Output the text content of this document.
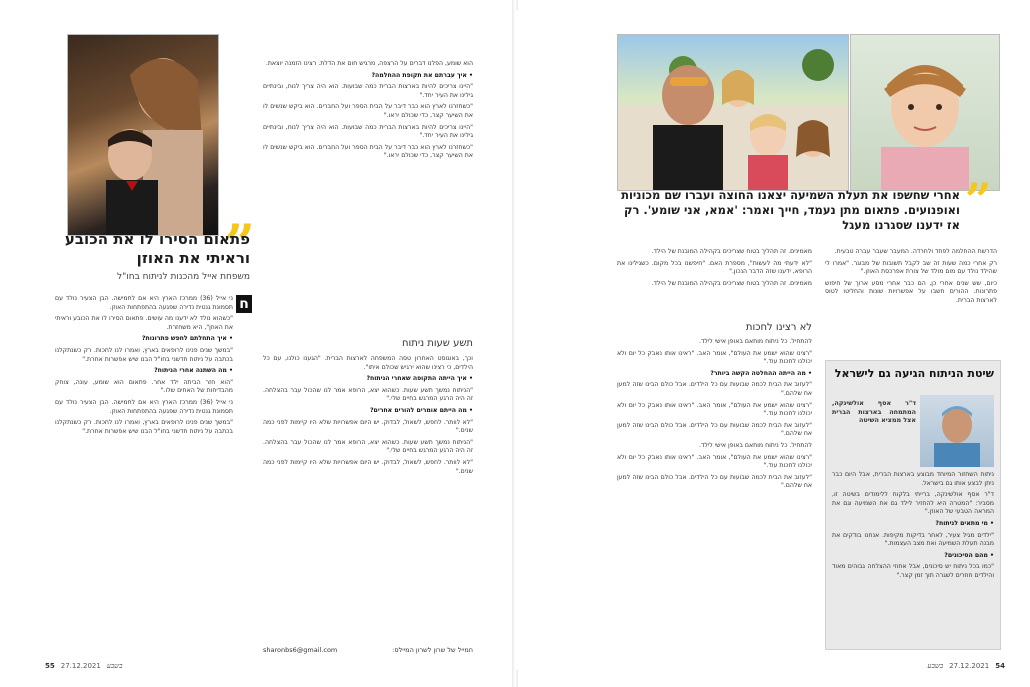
”
פתאום הסירו לו את הכובע וראיתי את האוזן
משפחת אייל מהכנות לניתוח בחו"ל
ח

ני אייל (36) ממרכז הארץ היא אם לחמישה. הבן הצעיר נולד עם תסמונת גנטית נדירה שפגעה בהתפתחות האוזן.

"כשהוא נולד לא ידענו מה עושים. פתאום הסירו לו את הכובע וראיתי את האוזן", היא משחזרת.

• איך התחלתם לחפש פתרונות?

"במשך שנים פנינו לרופאים בארץ, ואמרו לנו לחכות. רק כשנתקלנו בכתבה על ניתוח חדשני בחו"ל הבנו שיש אפשרות אחרת."

• מה השתנה אחרי הניתוח?

"הוא חזר הביתה ילד אחר. פתאום הוא שומע, עונה, צוחק מהבדיחות של האחים שלו."

ני אייל (36) ממרכז הארץ היא אם לחמישה. הבן הצעיר נולד עם תסמונת גנטית נדירה שפגעה בהתפתחות האוזן.

"במשך שנים פנינו לרופאים בארץ, ואמרו לנו לחכות. רק כשנתקלנו בכתבה על ניתוח חדשני בחו"ל הבנו שיש אפשרות אחרת."

הוא שומע, הפלנו דברים על הרצפה, מרגיש חום את הדלת. רצינו הזמנה יוצאת.

• איך עברתם את תקופת ההחלמה?

"היינו צריכים להיות בארצות הברית כמה שבועות. הוא היה צריך לנוח, ובינתיים גילינו את העיר יחד."

"כשחזרנו לארץ הוא כבר דיבר על הבית הספר ועל החברים. הוא ביקש שנשים לו את השיער קצר, כדי שכולם יראו."

"היינו צריכים להיות בארצות הברית כמה שבועות. הוא היה צריך לנוח, ובינתיים גילינו את העיר יחד."

"כשחזרנו לארץ הוא כבר דיבר על הבית הספר ועל החברים. הוא ביקש שנשים לו את השיער קצר, כדי שכולם יראו."

תשע שעות ניתוח

וכך, באוגוסט האחרון טסה המשפחה לארצות הברית. "הגענו כולנו, עם כל הילדים, כי רצינו שהוא ירגיש שכולם איתו".

• איך הייתה התקופה שאחרי הניתוח?

"הניתוח נמשך תשע שעות. כשהוא יצא, הרופא אמר לנו שהכול עבר בהצלחה. זה היה הרגע המרגש בחיים שלי."

• מה הייתם אומרים להורים אחרים?

"לא לוותר. לחפש, לשאול, לבדוק. יש היום אפשרויות שלא היו קיימות לפני כמה שנים."

"הניתוח נמשך תשע שעות. כשהוא יצא, הרופא אמר לנו שהכול עבר בהצלחה. זה היה הרגע המרגש בחיים שלי."

"לא לוותר. לחפש, לשאול, לבדוק. יש היום אפשרויות שלא היו קיימות לפני כמה שנים."

חמייל של שרון לשרון המיילס:
sharonbs6@gmail.com
55 27.12.2021 בשבע
”
אחרי שחשפו את תעלת השמיעה יצאנו החוצה ועברו שם מכוניות ואופנועים. פתאום מתן נעמד, חייך ואמר: 'אמא, אני שומע'. רק אז ידענו שסגרנו מעגל

הדרשת ההחלמה לפחד ולחרדה. המעבר שעבר עברה טבעית.

רק אחרי כמה שעות זה שב לקבל תשובות של מבוגר. "אמרו לי שהילד נולד עם מום מולד של צורת אפרכסת האוזן."

כיום, שש שנים אחרי כן, הם כבר אחרי מסע ארוך של חיפוש פתרונות. ההורים חשבו על אפשרויות שונות והחליטו לטוס לארצות הברית.

מאמינים. זה תהליך בטוח שצריכים בקהילה המובנת של הילד.

"לא ידעתי מה לעשות", מספרת האם. "חיפשנו בכל מקום. כשגילינו את הרופא, ידענו שזה הדבר הנכון."

מאמינים. זה תהליך בטוח שצריכים בקהילה המובנת של הילד.

לא רצינו לחכות

להתחיל. כל ניתוח מותאם באופן אישי לילד.

"רצינו שהוא ישמע את העולם", אומר האב. "ראינו אותו נאבק כל יום ולא יכולנו לחכות עוד."

• מה הייתה ההחלטה הקשה ביותר?

"לעזוב את הבית לכמה שבועות עם כל הילדים. אבל כולם הבינו שזה למען אח שלהם."

"רצינו שהוא ישמע את העולם", אומר האב. "ראינו אותו נאבק כל יום ולא יכולנו לחכות עוד."

"לעזוב את הבית לכמה שבועות עם כל הילדים. אבל כולם הבינו שזה למען אח שלהם."

להתחיל. כל ניתוח מותאם באופן אישי לילד.

"רצינו שהוא ישמע את העולם", אומר האב. "ראינו אותו נאבק כל יום ולא יכולנו לחכות עוד."

"לעזוב את הבית לכמה שבועות עם כל הילדים. אבל כולם הבינו שזה למען אח שלהם."

שיטת הניתוח הגיעה גם לישראל
ד"ר אסף אולשינקה, המתמחה בארצות הברית אצל ממציא השיטה

ניתוח השחזור המיוחד מבוצע בארצות הברית, אבל היום כבר ניתן לבצע אותו גם בישראל.

ד"ר אסף אולשינקה, ברייתי בלקוח ללימודים בשיטה זו, מסביר: "המטרה היא להחזיר לילד גם את השמיעה וגם את המראה הטבעי של האוזן."

• מי מתאים לניתוח?

"ילדים מגיל צעיר, לאחר בדיקות מקיפות. אנחנו בודקים את מבנה תעלת השמיעה ואת מצב העצמות."

• מהם הסיכונים?

"כמו בכל ניתוח יש סיכונים, אבל אחוזי ההצלחה גבוהים מאוד והילדים חוזרים לשגרה תוך זמן קצר."

בשבע 27.12.2021 54
